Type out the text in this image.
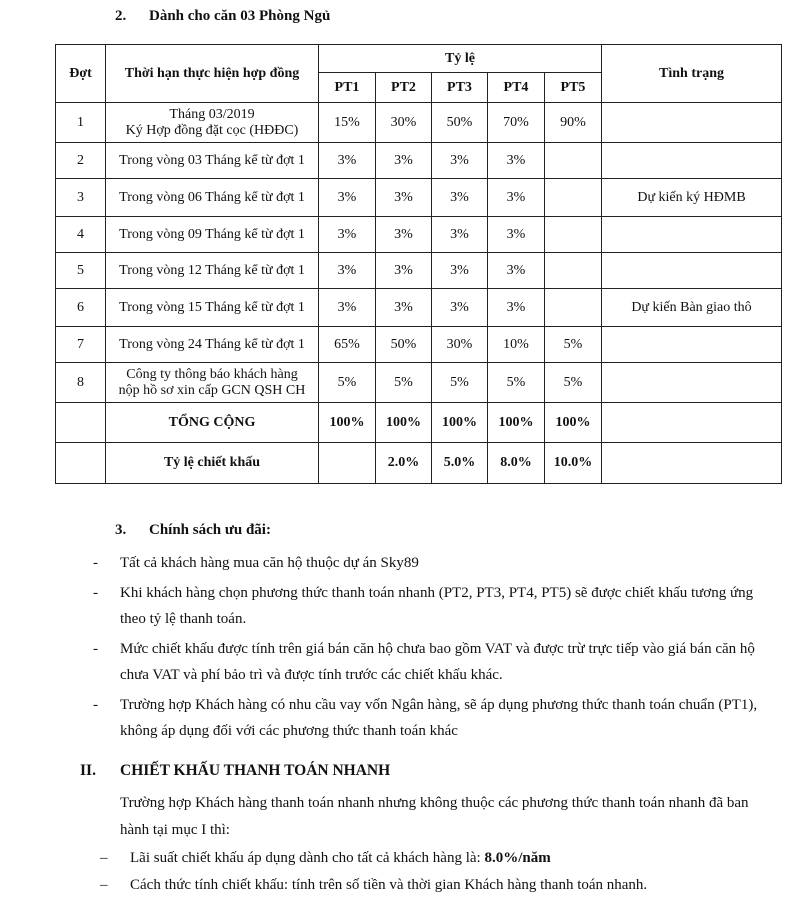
2. Dành cho căn 03 Phòng Ngủ
Đợt	Thời hạn thực hiện hợp đồng	Tỷ lệ					Tình trạng
		PT1	PT2	PT3	PT4	PT5	
1	Tháng 03/2019
Ký Hợp đồng đặt cọc (HĐĐC)	15%	30%	50%	70%	90%	
2	Trong vòng 03 Tháng kể từ đợt 1	3%	3%	3%	3%		
3	Trong vòng 06 Tháng kể từ đợt 1	3%	3%	3%	3%		Dự kiến ký HĐMB
4	Trong vòng 09 Tháng kể từ đợt 1	3%	3%	3%	3%		
5	Trong vòng 12 Tháng kể từ đợt 1	3%	3%	3%	3%		
6	Trong vòng 15 Tháng kể từ đợt 1	3%	3%	3%	3%		Dự kiến Bàn giao thô
7	Trong vòng 24 Tháng kể từ đợt 1	65%	50%	30%	10%	5%	
8	Công ty thông báo khách hàng
nộp hồ sơ xin cấp GCN QSH CH	5%	5%	5%	5%	5%	
	TỔNG CỘNG	100%	100%	100%	100%	100%	
	Tỷ lệ chiết khấu		2.0%	5.0%	8.0%	10.0%	
3. Chính sách ưu đãi:
- Tất cả khách hàng mua căn hộ thuộc dự án Sky89
- Khi khách hàng chọn phương thức thanh toán nhanh (PT2, PT3, PT4, PT5) sẽ được chiết khấu tương ứng theo tỷ lệ thanh toán.
- Mức chiết khấu được tính trên giá bán căn hộ chưa bao gồm VAT và được trừ trực tiếp vào giá bán căn hộ chưa VAT và phí bảo trì và được tính trước các chiết khấu khác.
- Trường hợp Khách hàng có nhu cầu vay vốn Ngân hàng, sẽ áp dụng phương thức thanh toán chuẩn (PT1), không áp dụng đối với các phương thức thanh toán khác
II. CHIẾT KHẤU THANH TOÁN NHANH
Trường hợp Khách hàng thanh toán nhanh nhưng không thuộc các phương thức thanh toán nhanh đã ban hành tại mục I thì:
– Lãi suất chiết khấu áp dụng dành cho tất cả khách hàng là: 8.0%/năm
– Cách thức tính chiết khấu: tính trên số tiền và thời gian Khách hàng thanh toán nhanh.
